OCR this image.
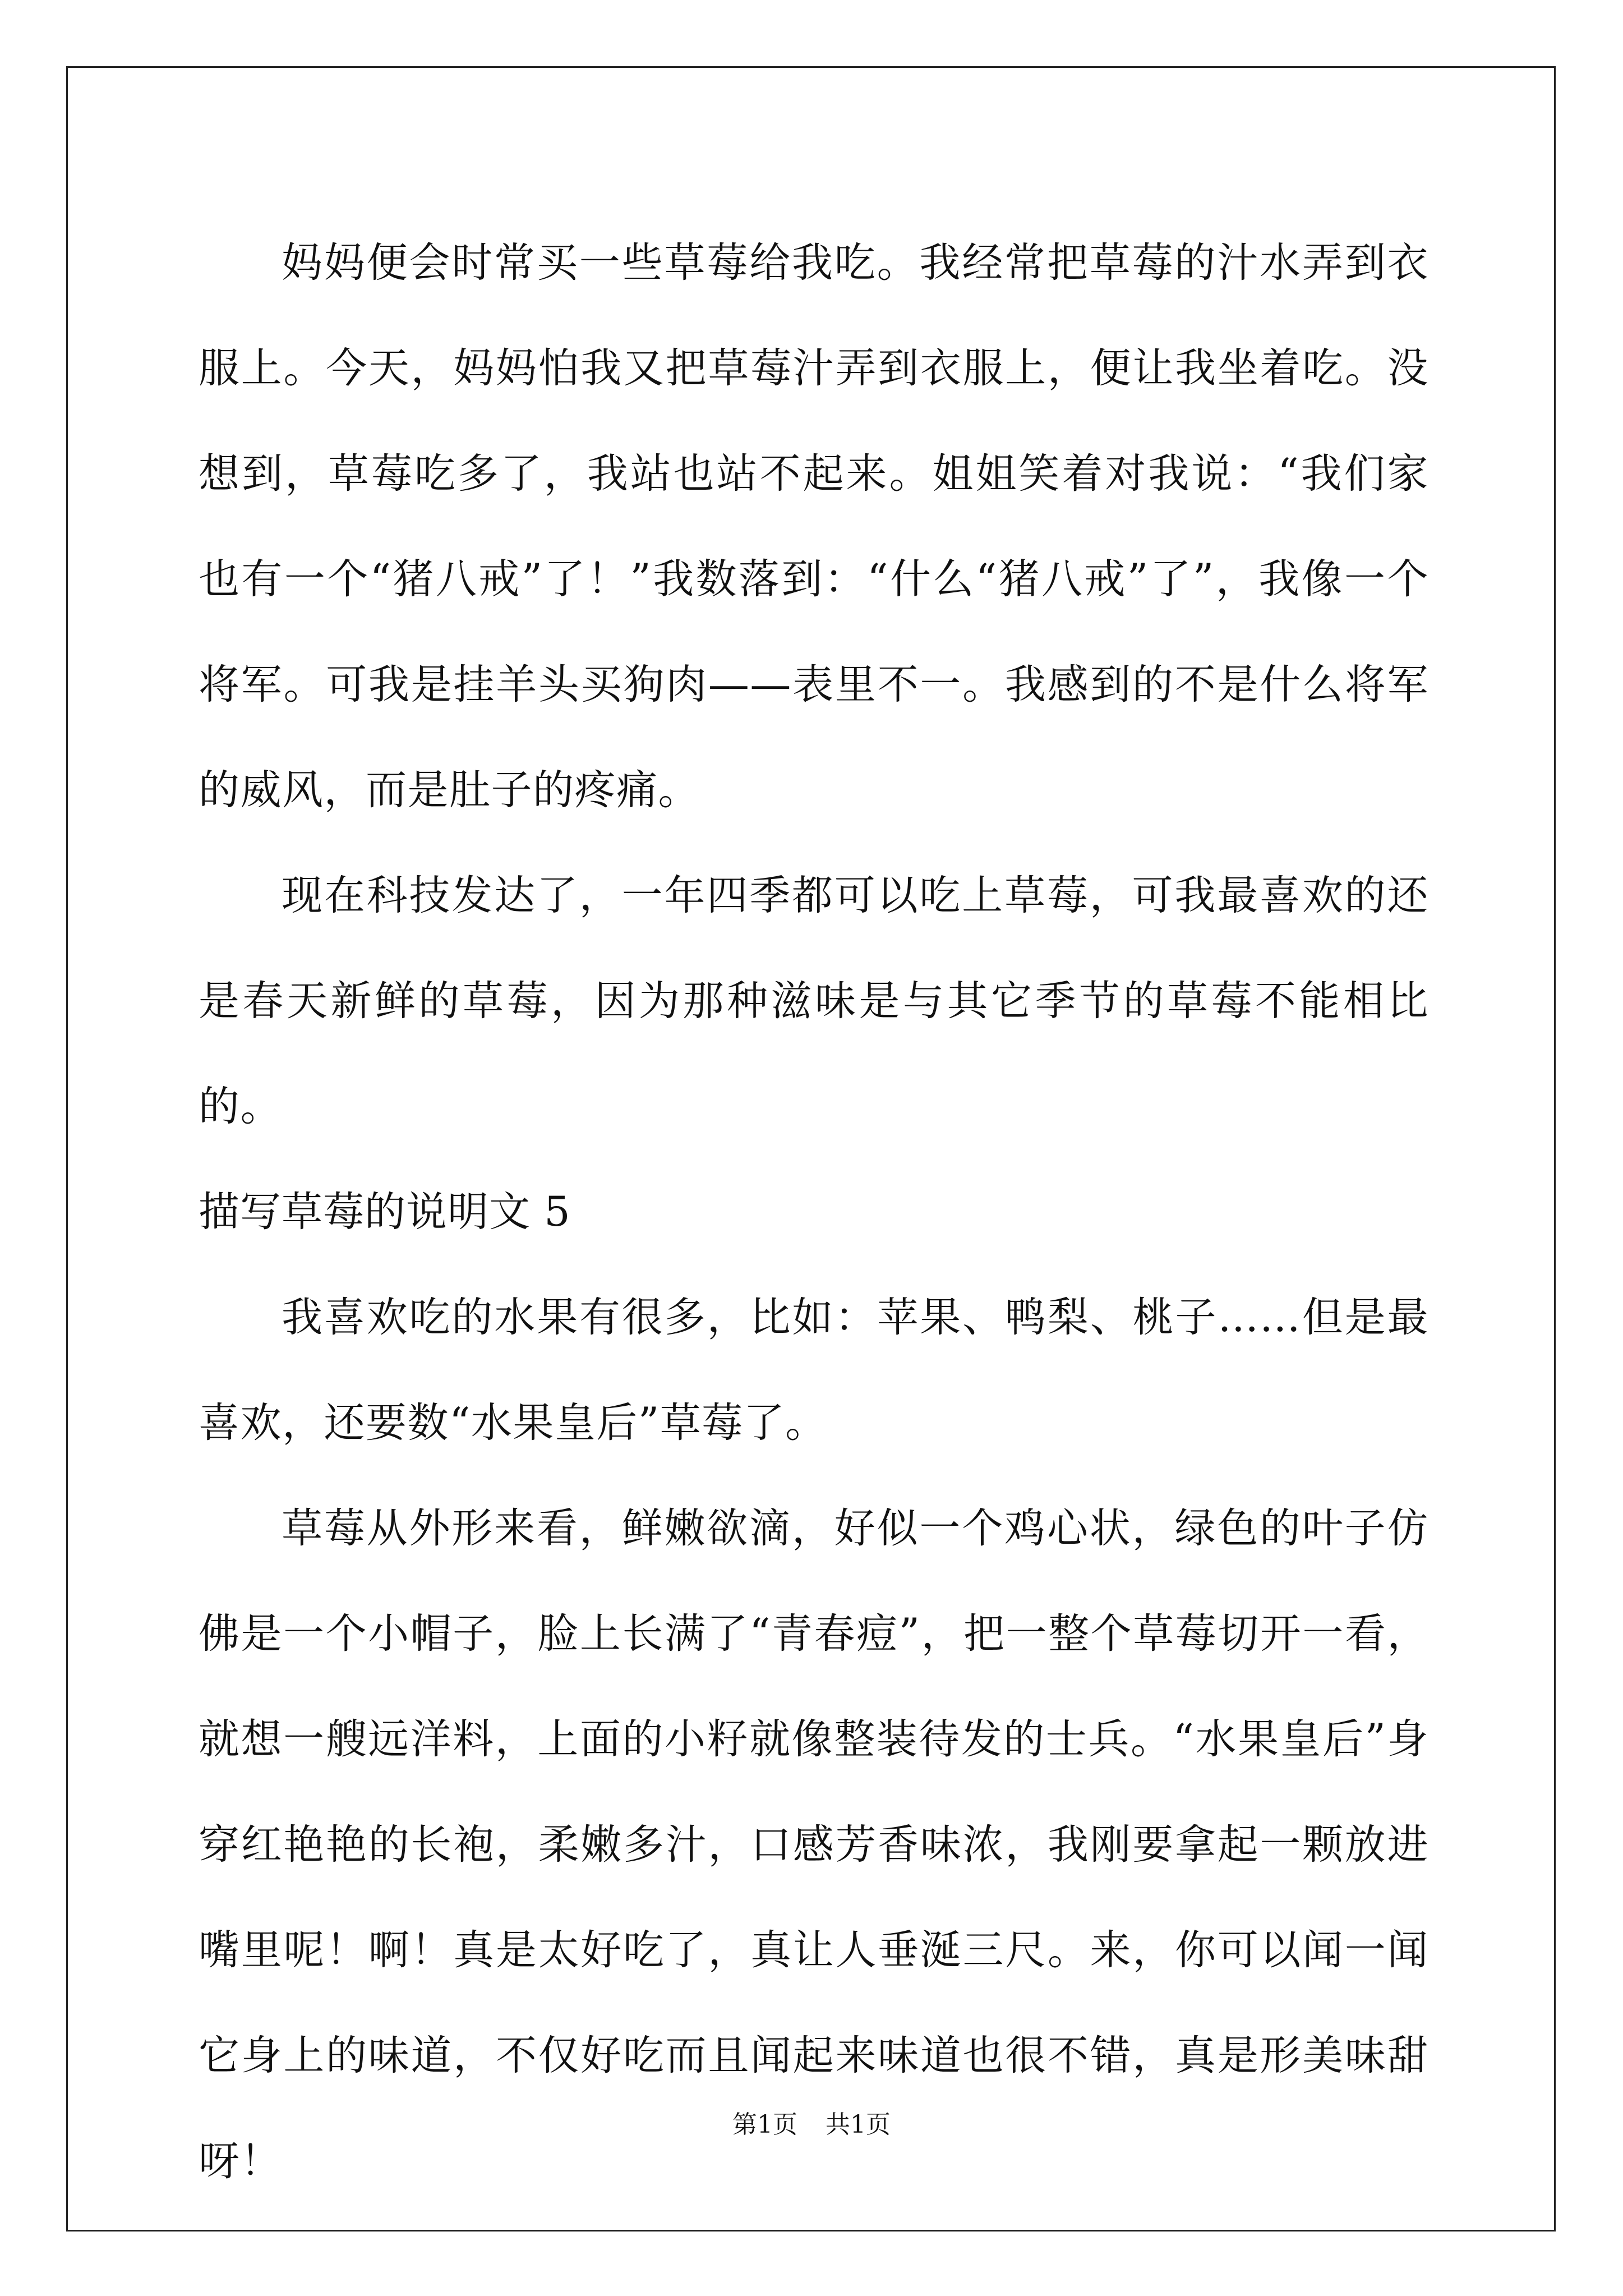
妈妈便会时常买一些草莓给我吃。我经常把草莓的汁水弄到衣服上。今天，妈妈怕我又把草莓汁弄到衣服上，便让我坐着吃。没想到，草莓吃多了，我站也站不起来。姐姐笑着对我说：“我们家也有一个“猪八戒”了！”我数落到：“什么“猪八戒”了”，我像一个将军。可我是挂羊头买狗肉——表里不一。我感到的不是什么将军的威风，而是肚子的疼痛。

现在科技发达了，一年四季都可以吃上草莓，可我最喜欢的还是春天新鲜的草莓，因为那种滋味是与其它季节的草莓不能相比的。

描写草莓的说明文 5

我喜欢吃的水果有很多，比如：苹果、鸭梨、桃子……但是最喜欢，还要数“水果皇后”草莓了。

草莓从外形来看，鲜嫩欲滴，好似一个鸡心状，绿色的叶子仿佛是一个小帽子，脸上长满了“青春痘”，把一整个草莓切开一看，就想一艘远洋料，上面的小籽就像整装待发的士兵。“水果皇后”身穿红艳艳的长袍，柔嫩多汁，口感芳香味浓，我刚要拿起一颗放进嘴里呢！啊！真是太好吃了，真让人垂涎三尺。来，你可以闻一闻它身上的味道，不仅好吃而且闻起来味道也很不错，真是形美味甜呀！

第1页 共1页
